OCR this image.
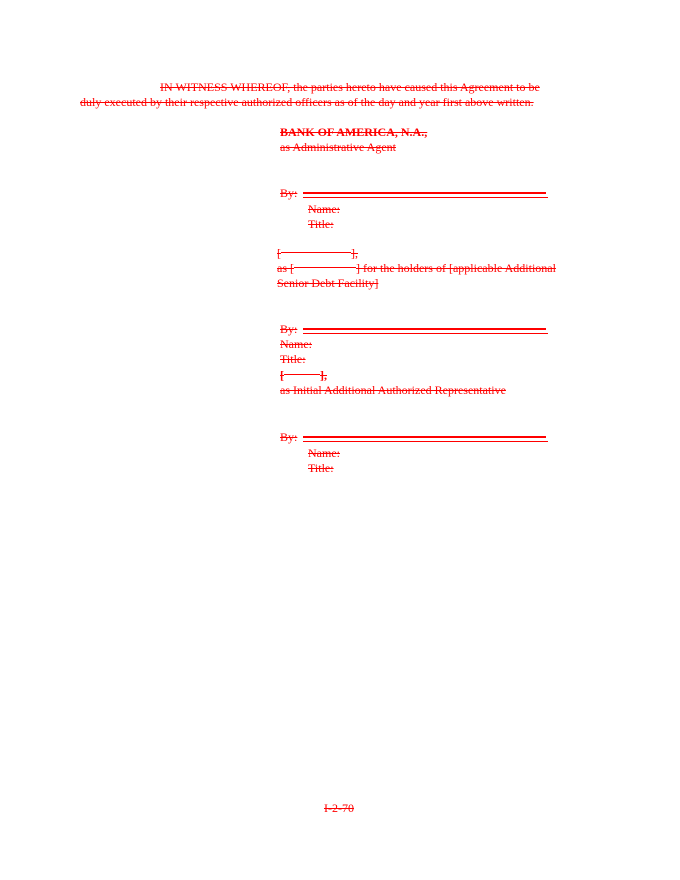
IN WITNESS WHEREOF, the parties hereto have caused this Agreement to be
duly executed by their respective authorized officers as of the day and year first above written.
BANK OF AMERICA, N.A.,
as Administrative Agent
By:
Name:
Title:
[	],
as [	] for the holders of [applicable Additional
Senior Debt Facility]
By:
Name:
Title:
[	],
as Initial Additional Authorized Representative
By:
Name:
Title:
I-2-70
